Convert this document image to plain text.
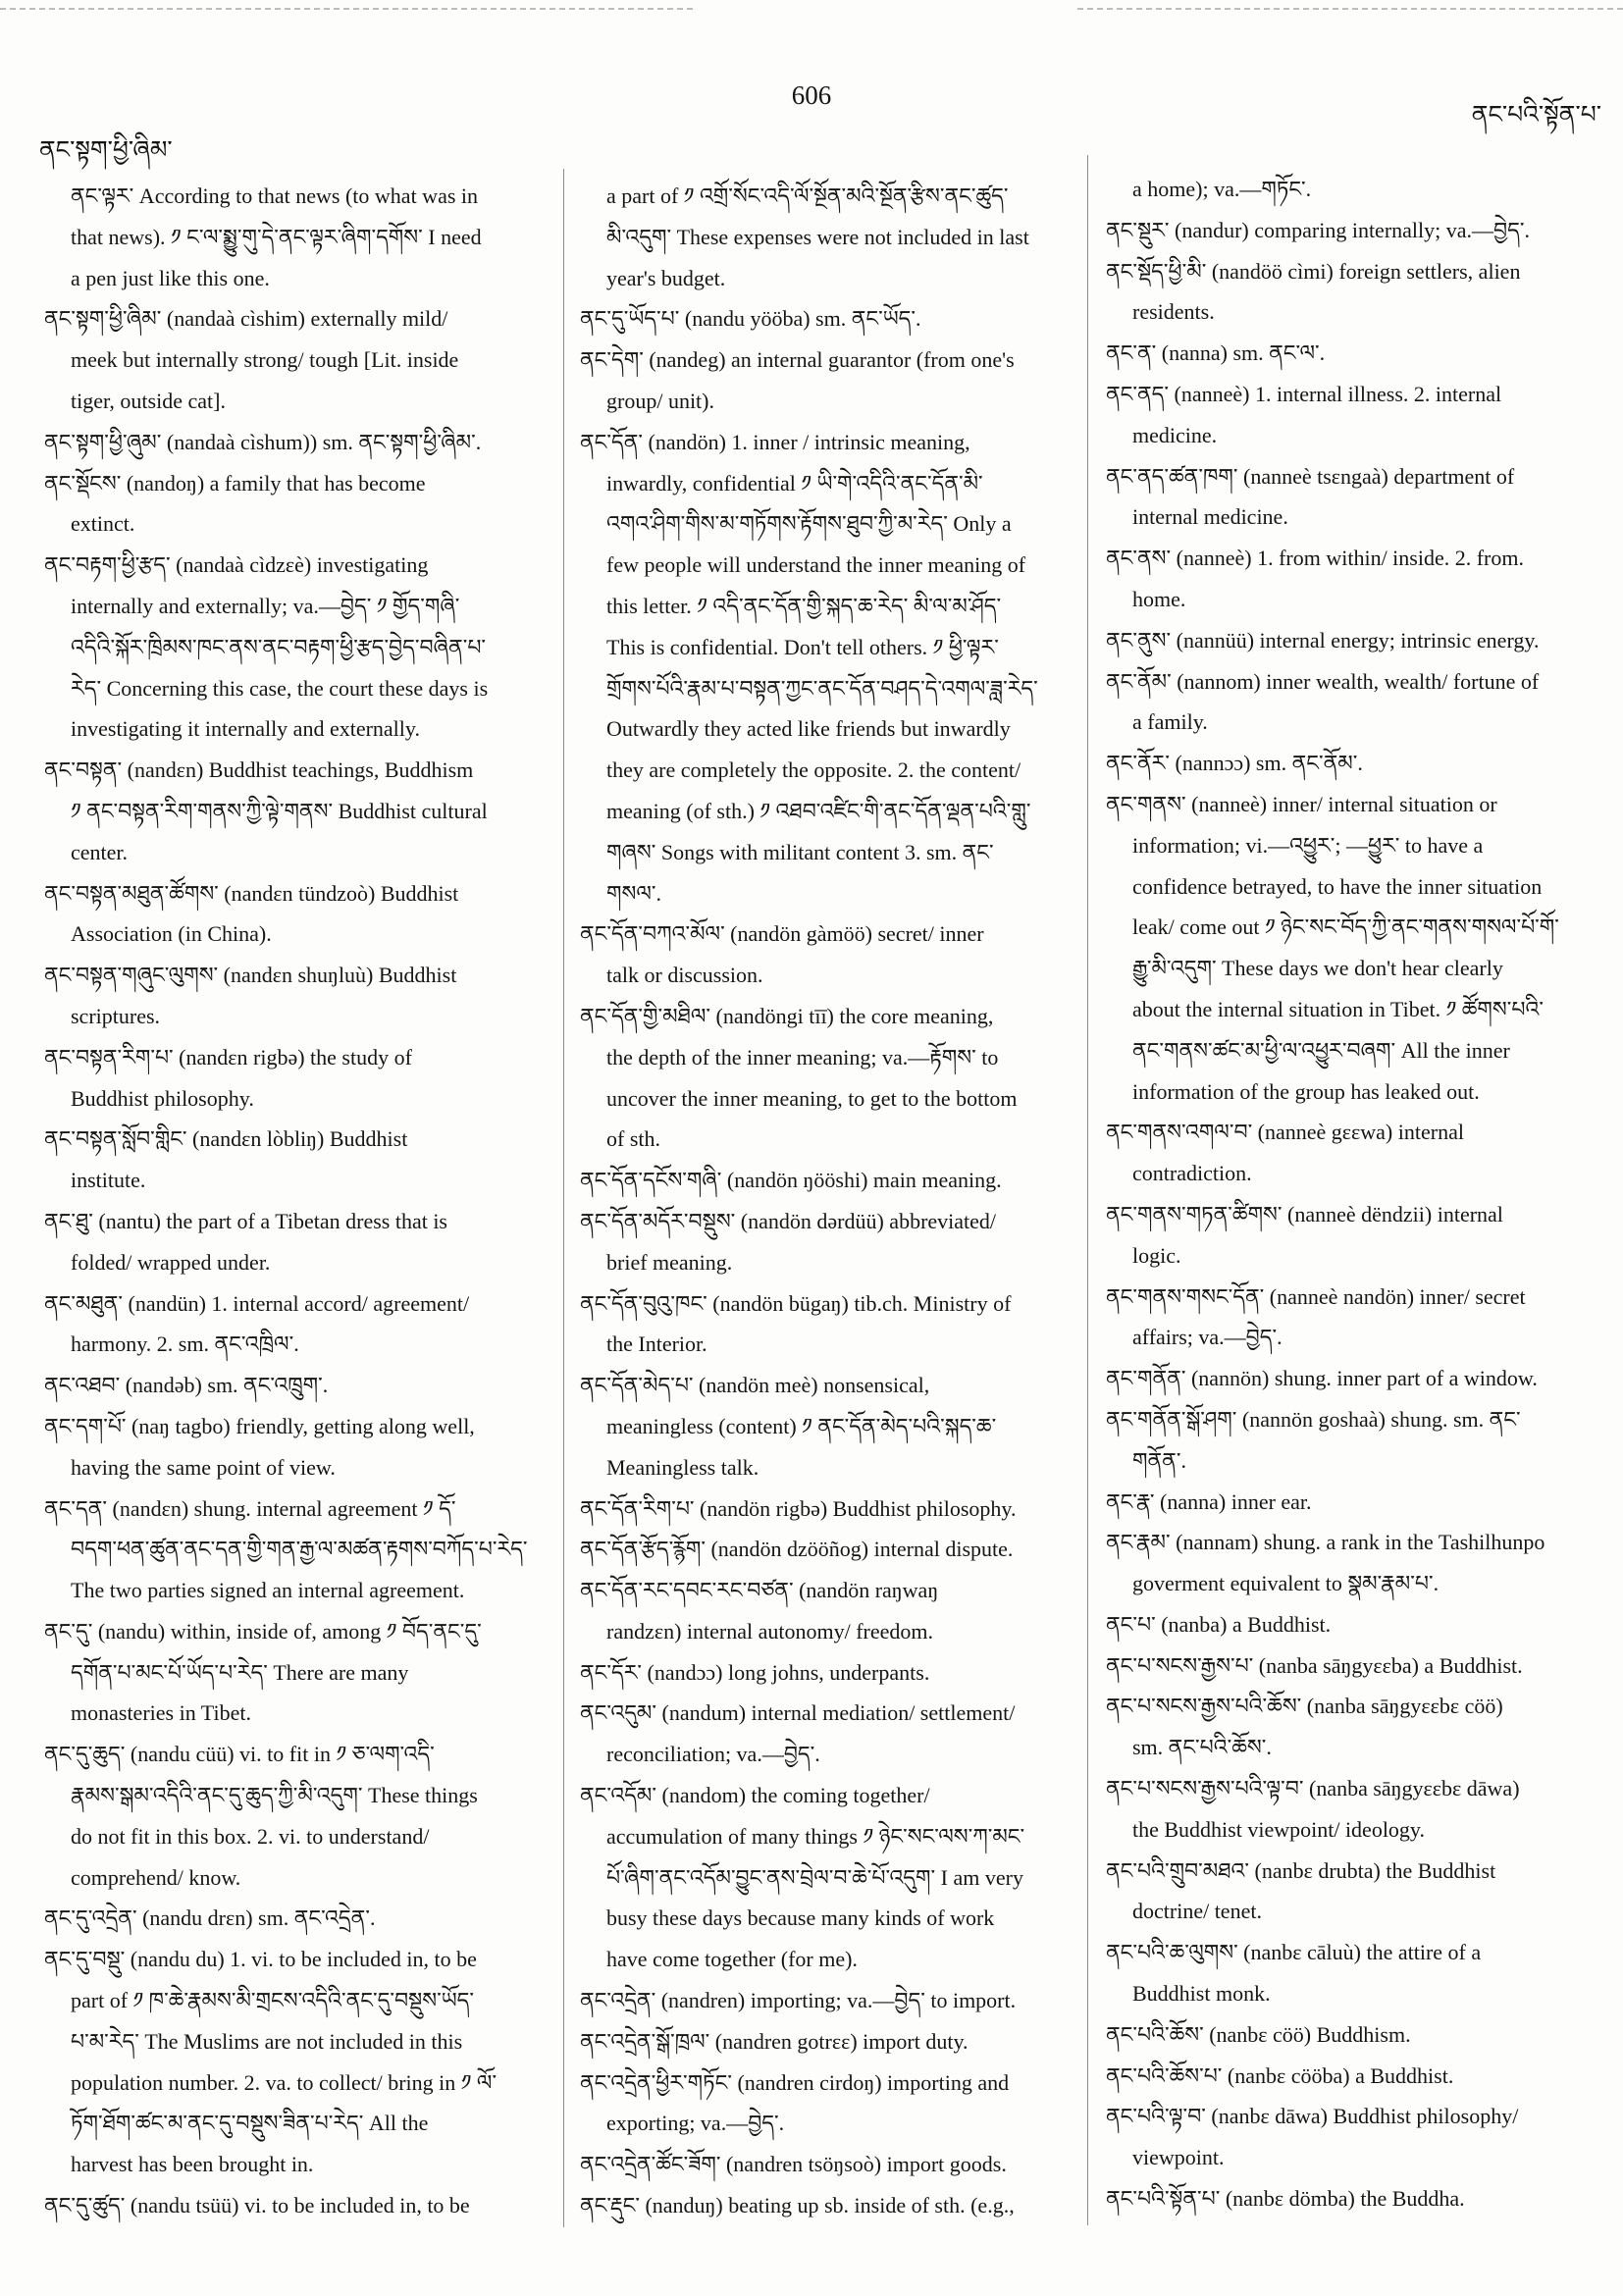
606
ནང་སྟག་ཕྱི་ཞིམ་
ནང་པའི་སྟོན་པ་
ནང་ལྟར་ According to that news (to what was in
that news). ༡ ང་ལ་སྨྱུ་གུ་དེ་ནང་ལྟར་ཞིག་དགོས་ I need
a pen just like this one.
ནང་སྟག་ཕྱི་ཞིམ་ (nandaà cìshim) externally mild/
meek but internally strong/ tough [Lit. inside
tiger, outside cat].
ནང་སྟག་ཕྱི་ཞུམ་ (nandaà cìshum)) sm. ནང་སྟག་ཕྱི་ཞིམ་.
ནང་སྡོངས་ (nandoŋ) a family that has become
extinct.
ནང་བརྟག་ཕྱི་རྩད་ (nandaà cìdzɛè) investigating
internally and externally; va.—བྱེད་ ༡ གྱོད་གཞི་
འདིའི་སྐོར་ཁྲིམས་ཁང་ནས་ནང་བརྟག་ཕྱི་རྩད་བྱེད་བཞིན་པ་
རེད་ Concerning this case, the court these days is
investigating it internally and externally.
ནང་བསྟན་ (nandɛn) Buddhist teachings, Buddhism
༡ ནང་བསྟན་རིག་གནས་ཀྱི་ལྟེ་གནས་ Buddhist cultural
center.
ནང་བསྟན་མཐུན་ཚོགས་ (nandɛn tündzoò) Buddhist
Association (in China).
ནང་བསྟན་གཞུང་ལུགས་ (nandɛn shuŋluù) Buddhist
scriptures.
ནང་བསྟན་རིག་པ་ (nandɛn rigbə) the study of
Buddhist philosophy.
ནང་བསྟན་སློབ་གླིང་ (nandɛn lòbliŋ) Buddhist
institute.
ནང་ཐུ་ (nantu) the part of a Tibetan dress that is
folded/ wrapped under.
ནང་མཐུན་ (nandün) 1. internal accord/ agreement/
harmony. 2. sm. ནང་འཁྲིལ་.
ནང་འཐབ་ (nandəb) sm. ནང་འཁྲུག་.
ནང་དག་པོ་ (naŋ tagbo) friendly, getting along well,
having the same point of view.
ནང་དན་ (nandɛn) shung. internal agreement ༡ དོ་
བདག་ཕན་ཚུན་ནང་དན་གྱི་གན་རྒྱ་ལ་མཚན་རྟགས་བཀོད་པ་རེད་
The two parties signed an internal agreement.
ནང་དུ་ (nandu) within, inside of, among ༡ བོད་ནང་དུ་
དགོན་པ་མང་པོ་ཡོད་པ་རེད་ There are many
monasteries in Tibet.
ནང་དུ་ཆུད་ (nandu cüü) vi. to fit in ༡ ཅ་ལག་འདི་
རྣམས་སྒམ་འདིའི་ནང་དུ་ཆུད་ཀྱི་མི་འདུག་ These things
do not fit in this box. 2. vi. to understand/
comprehend/ know.
ནང་དུ་འདྲེན་ (nandu drɛn) sm. ནང་འདྲེན་.
ནང་དུ་བསྡུ་ (nandu du) 1. vi. to be included in, to be
part of ༡ ཁ་ཆེ་རྣམས་མི་གྲངས་འདིའི་ནང་དུ་བསྡུས་ཡོད་
པ་མ་རེད་ The Muslims are not included in this
population number. 2. va. to collect/ bring in ༡ ལོ་
ཏོག་ཐོག་ཚང་མ་ནང་དུ་བསྡུས་ཟིན་པ་རེད་ All the
harvest has been brought in.
ནང་དུ་ཚུད་ (nandu tsüü) vi. to be included in, to be
a part of ༡ འགྲོ་སོང་འདི་ལོ་སྔོན་མའི་སྔོན་རྩིས་ནང་ཚུད་
མི་འདུག་ These expenses were not included in last
year's budget.
ནང་དུ་ཡོད་པ་ (nandu yööba) sm. ནང་ཡོད་.
ནང་དེག་ (nandeg) an internal guarantor (from one's
group/ unit).
ནང་དོན་ (nandön) 1. inner / intrinsic meaning,
inwardly, confidential ༡ ཡི་གེ་འདིའི་ནང་དོན་མི་
འགའ་ཤིག་གིས་མ་གཏོགས་རྟོགས་ཐུབ་ཀྱི་མ་རེད་ Only a
few people will understand the inner meaning of
this letter. ༡ འདི་ནང་དོན་གྱི་སྐད་ཆ་རེད་ མི་ལ་མ་ཤོད་
This is confidential. Don't tell others. ༡ ཕྱི་ལྟར་
གྲོགས་པོའི་རྣམ་པ་བསྟན་ཀྱང་ནང་དོན་བཤད་དེ་འགལ་ཟླ་རེད་
Outwardly they acted like friends but inwardly
they are completely the opposite. 2. the content/
meaning (of sth.) ༡ འཐབ་འཛིང་གི་ནང་དོན་ལྡན་པའི་གླུ་
གཞས་ Songs with militant content 3. sm. ནང་
གསལ་.
ནང་དོན་བཀའ་མོལ་ (nandön gàmöö) secret/ inner
talk or discussion.
ནང་དོན་གྱི་མཐིལ་ (nandöngi tīī) the core meaning,
the depth of the inner meaning; va.—རྟོགས་ to
uncover the inner meaning, to get to the bottom
of sth.
ནང་དོན་དངོས་གཞི་ (nandön ŋööshi) main meaning.
ནང་དོན་མདོར་བསྡུས་ (nandön dərdüü) abbreviated/
brief meaning.
ནང་དོན་བུའུ་ཁང་ (nandön bügaŋ) tib.ch. Ministry of
the Interior.
ནང་དོན་མེད་པ་ (nandön meè) nonsensical,
meaningless (content) ༡ ནང་དོན་མེད་པའི་སྐད་ཆ་
Meaningless talk.
ནང་དོན་རིག་པ་ (nandön rigbə) Buddhist philosophy.
ནང་དོན་རྩོད་རྙོག་ (nandön dzööñog) internal dispute.
ནང་དོན་རང་དབང་རང་བཙན་ (nandön raŋwaŋ
randzɛn) internal autonomy/ freedom.
ནང་དོར་ (nandɔɔ) long johns, underpants.
ནང་འདུམ་ (nandum) internal mediation/ settlement/
reconciliation; va.—བྱེད་.
ནང་འདོམ་ (nandom) the coming together/
accumulation of many things ༡ ཉེང་སང་ལས་ཀ་མང་
པོ་ཞིག་ནང་འདོམ་བྱུང་ནས་བྲེལ་བ་ཆེ་པོ་འདུག་ I am very
busy these days because many kinds of work
have come together (for me).
ནང་འདྲེན་ (nandren) importing; va.—བྱེད་ to import.
ནང་འདྲེན་སྒོ་ཁྲལ་ (nandren gotrɛɛ) import duty.
ནང་འདྲེན་ཕྱིར་གཏོང་ (nandren cirdoŋ) importing and
exporting; va.—བྱེད་.
ནང་འདྲེན་ཚོང་ཟོག་ (nandren tsöŋsoò) import goods.
ནང་རྡུང་ (nanduŋ) beating up sb. inside of sth. (e.g.,
a home); va.—གཏོང་.
ནང་སྡུར་ (nandur) comparing internally; va.—བྱེད་.
ནང་སྡོད་ཕྱི་མི་ (nandöö cìmi) foreign settlers, alien
residents.
ནང་ན་ (nanna) sm. ནང་ལ་.
ནང་ནད་ (nanneè) 1. internal illness. 2. internal
medicine.
ནང་ནད་ཚན་ཁག་ (nanneè tsɛngaà) department of
internal medicine.
ནང་ནས་ (nanneè) 1. from within/ inside. 2. from.
home.
ནང་ནུས་ (nannüü) internal energy; intrinsic energy.
ནང་ནོམ་ (nannom) inner wealth, wealth/ fortune of
a family.
ནང་ནོར་ (nannɔɔ) sm. ནང་ནོམ་.
ནང་གནས་ (nanneè) inner/ internal situation or
information; vi.—འཕྱུར་; —ཕྱུར་ to have a
confidence betrayed, to have the inner situation
leak/ come out ༡ ཉེང་སང་བོད་ཀྱི་ནང་གནས་གསལ་པོ་གོ་
རྒྱུ་མི་འདུག་ These days we don't hear clearly
about the internal situation in Tibet. ༡ ཚོགས་པའི་
ནང་གནས་ཚང་མ་ཕྱི་ལ་འཕྱུར་བཞག་ All the inner
information of the group has leaked out.
ནང་གནས་འགལ་བ་ (nanneè gɛɛwa) internal
contradiction.
ནང་གནས་གཏན་ཚིགས་ (nanneè dëndzii) internal
logic.
ནང་གནས་གསང་དོན་ (nanneè nandön) inner/ secret
affairs; va.—བྱེད་.
ནང་གནོན་ (nannön) shung. inner part of a window.
ནང་གནོན་སྒོ་ཤག་ (nannön goshaà) shung. sm. ནང་
གནོན་.
ནང་རྣ་ (nanna) inner ear.
ནང་རྣམ་ (nannam) shung. a rank in the Tashilhunpo
goverment equivalent to སྣམ་རྣམ་པ་.
ནང་པ་ (nanba) a Buddhist.
ནང་པ་སངས་རྒྱས་པ་ (nanba sāŋgyɛɛba) a Buddhist.
ནང་པ་སངས་རྒྱས་པའི་ཆོས་ (nanba sāŋgyɛɛbɛ cöö)
sm. ནང་པའི་ཆོས་.
ནང་པ་སངས་རྒྱས་པའི་ལྟ་བ་ (nanba sāŋgyɛɛbɛ dāwa)
the Buddhist viewpoint/ ideology.
ནང་པའི་གྲུབ་མཐའ་ (nanbɛ drubta) the Buddhist
doctrine/ tenet.
ནང་པའི་ཆ་ལུགས་ (nanbɛ cāluù) the attire of a
Buddhist monk.
ནང་པའི་ཆོས་ (nanbɛ cöö) Buddhism.
ནང་པའི་ཆོས་པ་ (nanbɛ cööba) a Buddhist.
ནང་པའི་ལྟ་བ་ (nanbɛ dāwa) Buddhist philosophy/
viewpoint.
ནང་པའི་སྟོན་པ་ (nanbɛ dömba) the Buddha.
